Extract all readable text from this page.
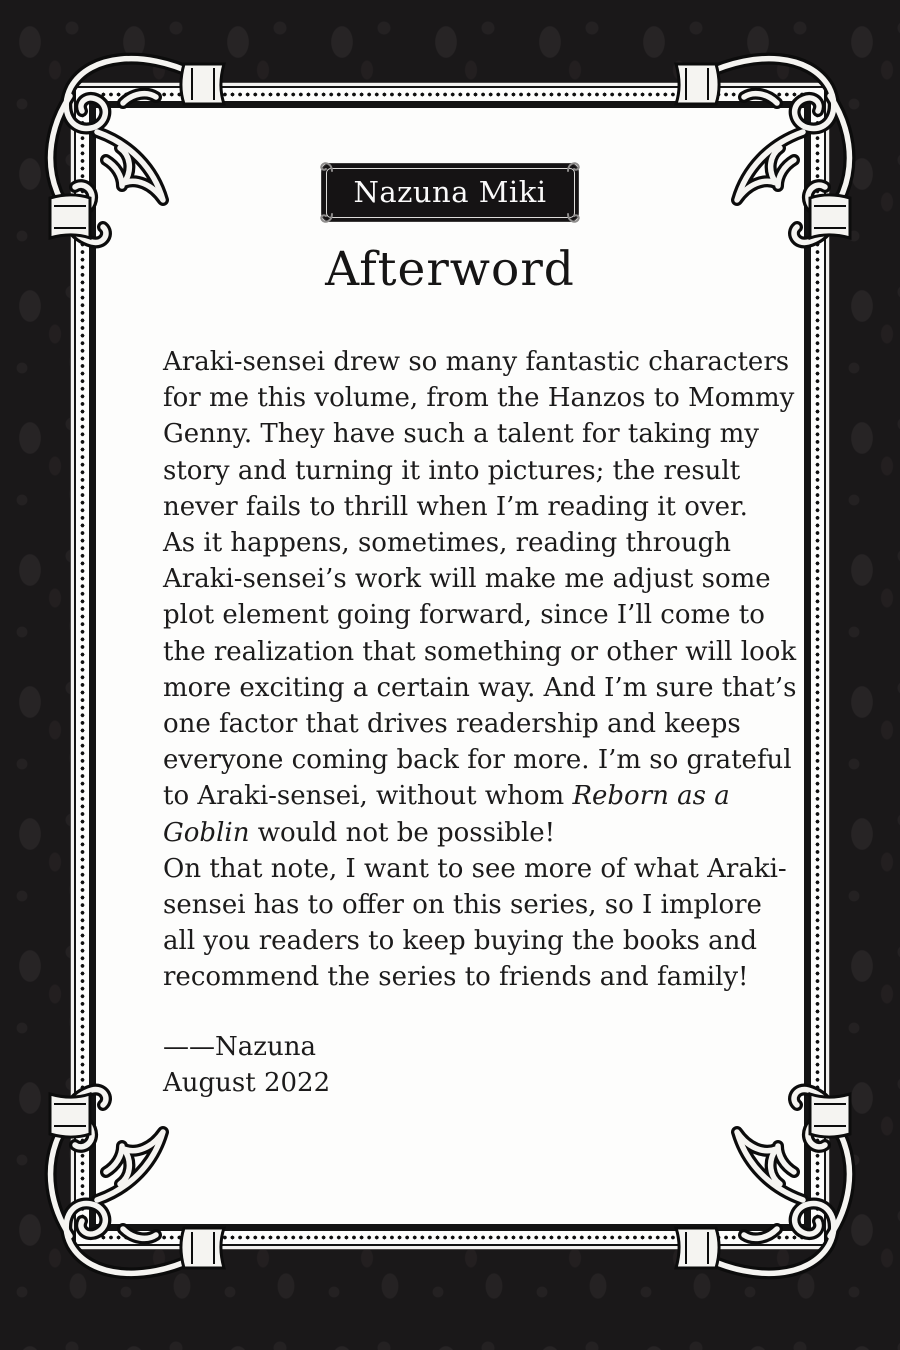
Nazuna Miki
Afterword
Araki-sensei drew so many fantastic characters
for me this volume, from the Hanzos to Mommy
Genny. They have such a talent for taking my
story and turning it into pictures; the result
never fails to thrill when I’m reading it over.
As it happens, sometimes, reading through
Araki-sensei’s work will make me adjust some
plot element going forward, since I’ll come to
the realization that something or other will look
more exciting a certain way. And I’m sure that’s
one factor that drives readership and keeps
everyone coming back for more. I’m so grateful
to Araki-sensei, without whom Reborn as a
Goblin would not be possible!
On that note, I want to see more of what Araki-
sensei has to offer on this series, so I implore
all you readers to keep buying the books and
recommend the series to friends and family!
——Nazuna
August 2022
